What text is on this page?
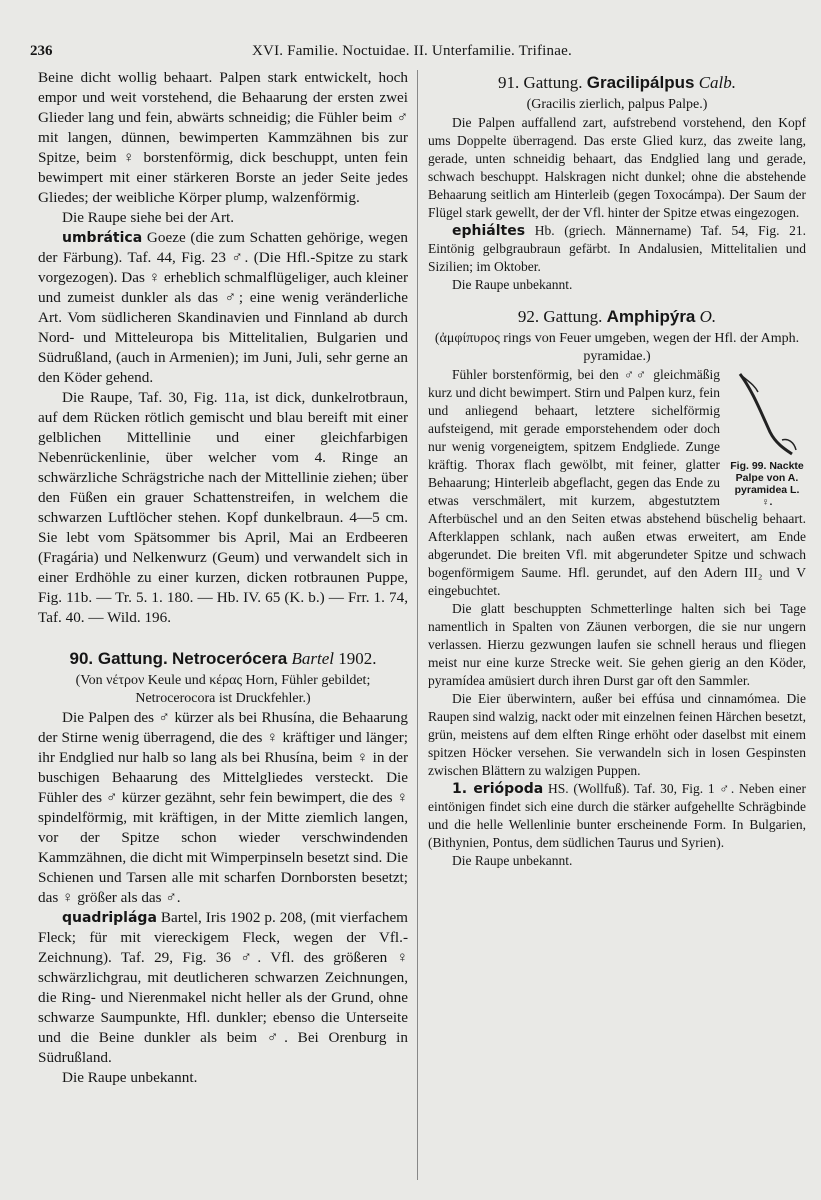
236	XVI. Familie. Noctuidae. II. Unterfamilie. Trifinae.

Beine dicht wollig behaart. Palpen stark entwickelt, hoch empor und weit vorstehend, die Behaarung der ersten zwei Glieder lang und fein, abwärts schneidig; die Fühler beim ♂ mit langen, dünnen, bewimperten Kammzähnen bis zur Spitze, beim ♀ borstenförmig, dick beschuppt, unten fein bewimpert mit einer stärkeren Borste an jeder Seite jedes Gliedes; der weibliche Körper plump, walzenförmig.

Die Raupe siehe bei der Art.

umbrática Goeze (die zum Schatten gehörige, wegen der Färbung). Taf. 44, Fig. 23 ♂. (Die Hfl.-Spitze zu stark vorgezogen). Das ♀ erheblich schmalflügeliger, auch kleiner und zumeist dunkler als das ♂; eine wenig veränderliche Art. Vom südlicheren Skandinavien und Finnland ab durch Nord- und Mitteleuropa bis Mittelitalien, Bulgarien und Südrußland, (auch in Armenien); im Juni, Juli, sehr gerne an den Köder gehend.

Die Raupe, Taf. 30, Fig. 11a, ist dick, dunkelrotbraun, auf dem Rücken rötlich gemischt und blau bereift mit einer gelblichen Mittellinie und einer gleichfarbigen Nebenrückenlinie, über welcher vom 4. Ringe an schwärzliche Schrägstriche nach der Mittellinie ziehen; über den Füßen ein grauer Schattenstreifen, in welchem die schwarzen Luftlöcher stehen. Kopf dunkelbraun. 4—5 cm. Sie lebt vom Spätsommer bis April, Mai an Erdbeeren (Fragária) und Nelkenwurz (Geum) und verwandelt sich in einer Erdhöhle zu einer kurzen, dicken rotbraunen Puppe, Fig. 11b. — Tr. 5. 1. 180. — Hb. IV. 65 (K. b.) — Frr. 1. 74, Taf. 40. — Wild. 196.

90. Gattung. Netrocerócera Bartel 1902.

(Von νέτρον Keule und κέρας Horn, Fühler gebildet; Netrocerocora ist Druckfehler.)

Die Palpen des ♂ kürzer als bei Rhusína, die Behaarung der Stirne wenig überragend, die des ♀ kräftiger und länger; ihr Endglied nur halb so lang als bei Rhusína, beim ♀ in der buschigen Behaarung des Mittelgliedes versteckt. Die Fühler des ♂ kürzer gezähnt, sehr fein bewimpert, die des ♀ spindelförmig, mit kräftigen, in der Mitte ziemlich langen, vor der Spitze schon wieder verschwindenden Kammzähnen, die dicht mit Wimperpinseln besetzt sind. Die Schienen und Tarsen alle mit scharfen Dornborsten besetzt; das ♀ größer als das ♂.

quadriplága Bartel, Iris 1902 p. 208, (mit vierfachem Fleck; für mit viereckigem Fleck, wegen der Vfl.-Zeichnung). Taf. 29, Fig. 36 ♂. Vfl. des größeren ♀ schwärzlichgrau, mit deutlicheren schwarzen Zeichnungen, die Ring- und Nierenmakel nicht heller als der Grund, ohne schwarze Saumpunkte, Hfl. dunkler; ebenso die Unterseite und die Beine dunkler als beim ♂. Bei Orenburg in Südrußland.

Die Raupe unbekannt.

91. Gattung. Gracilipálpus Calb.

(Gracilis zierlich, palpus Palpe.)

Die Palpen auffallend zart, aufstrebend vorstehend, den Kopf ums Doppelte überragend. Das erste Glied kurz, das zweite lang, gerade, unten schneidig behaart, das Endglied lang und gerade, schwach beschuppt. Halskragen nicht dunkel; ohne die abstehende Behaarung seitlich am Hinterleib (gegen Toxocámpa). Der Saum der Flügel stark gewellt, der der Vfl. hinter der Spitze etwas eingezogen.

ephiáltes Hb. (griech. Männername) Taf. 54, Fig. 21. Eintönig gelbgraubraun gefärbt. In Andalusien, Mittelitalien und Sizilien; im Oktober.

Die Raupe unbekannt.

92. Gattung. Amphipýra O.

(ἀμφίπυρος rings von Feuer umgeben, wegen der Hfl. der Amph. pyramidae.)

Fig. 99. Nackte Palpe von A. pyramidea L. ♀.

Fühler borstenförmig, bei den ♂♂ gleichmäßig kurz und dicht bewimpert. Stirn und Palpen kurz, fein und anliegend behaart, letztere sichelförmig aufsteigend, mit gerade emporstehendem oder doch nur wenig vorgeneigtem, spitzem Endgliede. Zunge kräftig. Thorax flach gewölbt, mit feiner, glatter Behaarung; Hinterleib abgeflacht, gegen das Ende zu etwas verschmälert, mit kurzem, abgestutztem Afterbüschel und an den Seiten etwas abstehend büschelig behaart. Afterklappen schlank, nach außen etwas erweitert, am Ende abgerundet. Die breiten Vfl. mit abgerundeter Spitze und schwach bogenförmigem Saume. Hfl. gerundet, auf den Adern III₂ und V eingebuchtet.

Die glatt beschuppten Schmetterlinge halten sich bei Tage namentlich in Spalten von Zäunen verborgen, die sie nur ungern verlassen. Hierzu gezwungen laufen sie schnell heraus und fliegen meist nur eine kurze Strecke weit. Sie gehen gierig an den Köder, pyramídea amüsiert durch ihren Durst gar oft den Sammler.

Die Eier überwintern, außer bei effúsa und cinnamómea. Die Raupen sind walzig, nackt oder mit einzelnen feinen Härchen besetzt, grün, meistens auf dem elften Ringe erhöht oder daselbst mit einem spitzen Höcker versehen. Sie verwandeln sich in losen Gespinsten zwischen Blättern zu walzigen Puppen.

1. erióроda HS. (Wollfuß). Taf. 30, Fig. 1 ♂. Neben einer eintönigen findet sich eine durch die stärker aufgehellte Schrägbinde und die helle Wellenlinie bunter erscheinende Form. In Bulgarien, (Bithynien, Pontus, dem südlichen Taurus und Syrien).

Die Raupe unbekannt.
